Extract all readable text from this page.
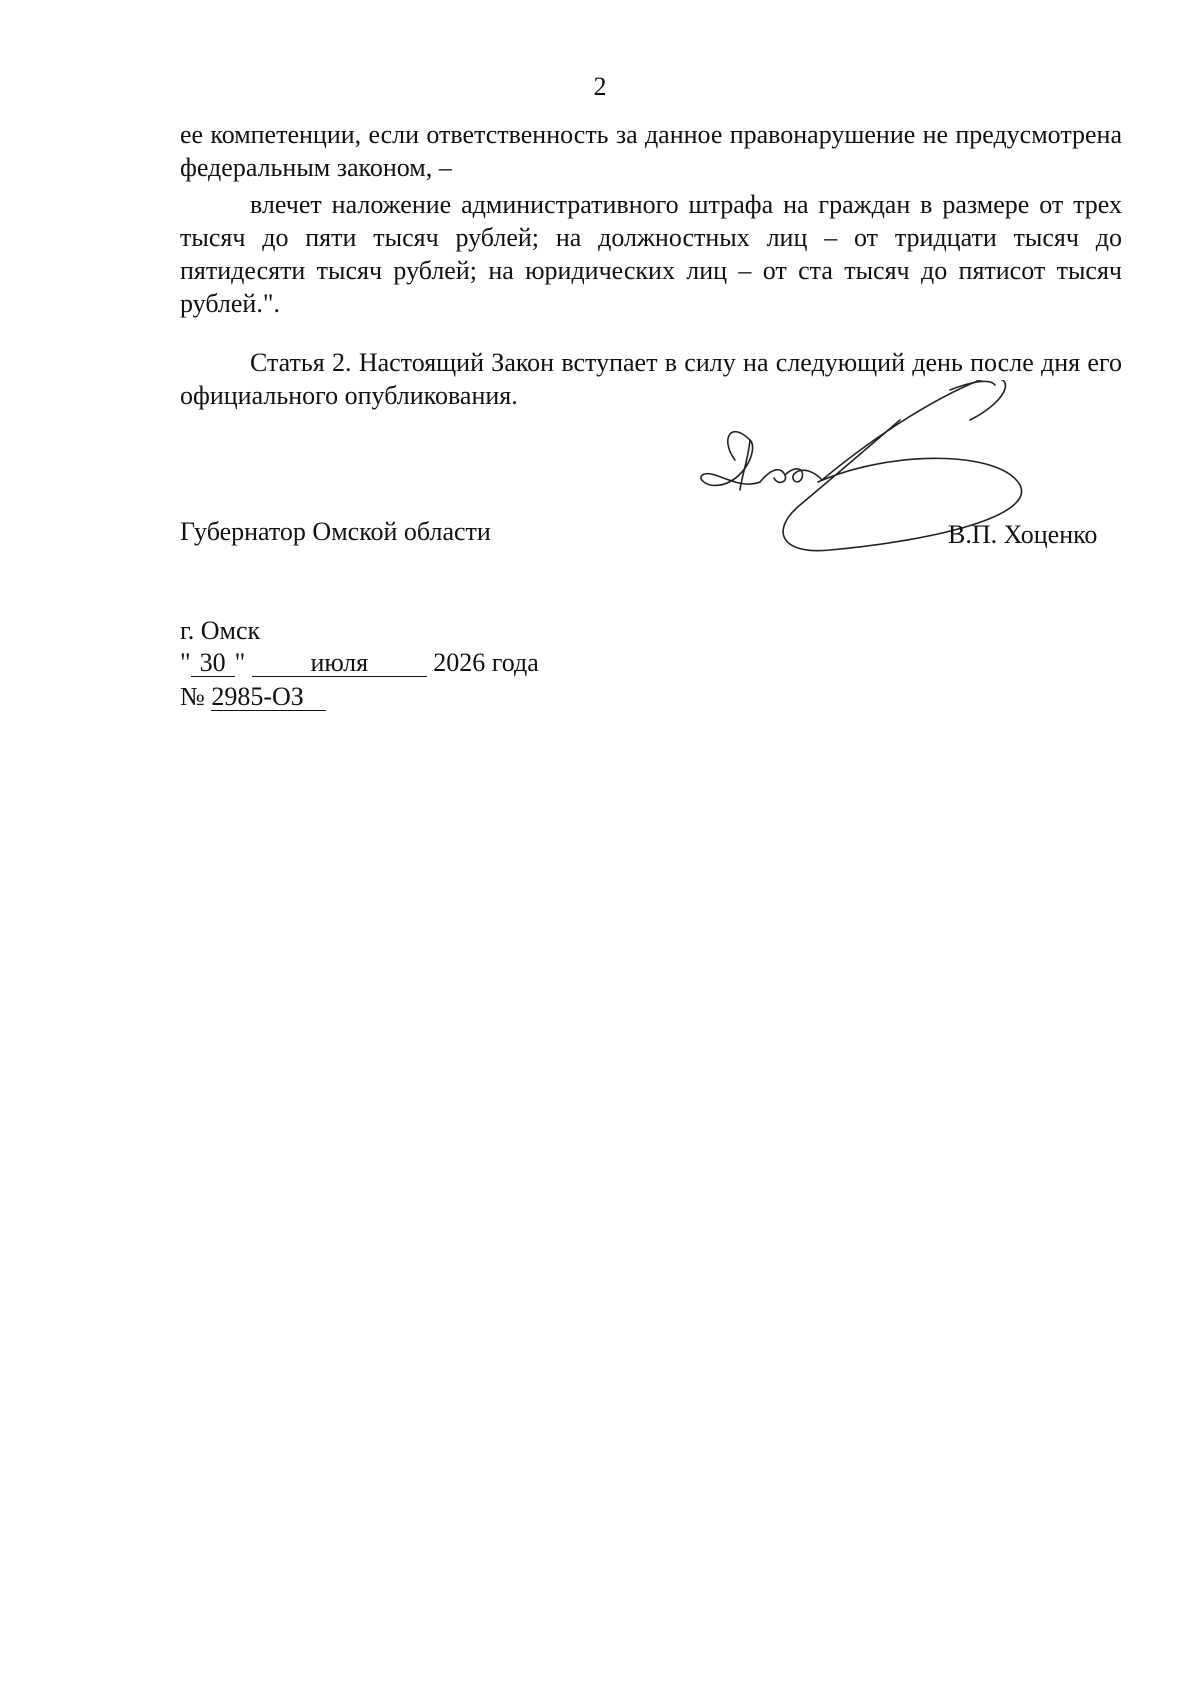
2

ее компетенции, если ответственность за данное правонарушение не предусмотрена федеральным законом, –

влечет наложение административного штрафа на граждан в размере от трех тысяч до пяти тысяч рублей; на должностных лиц – от тридцати тысяч до пятидесяти тысяч рублей; на юридических лиц – от ста тысяч до пятисот тысяч рублей.".

Статья 2. Настоящий Закон вступает в силу на следующий день после дня его официального опубликования.

Губернатор Омской области	В.П. Хоценко
г. Омск
" 30 "	июля	2026 года
№ 2985-ОЗ
